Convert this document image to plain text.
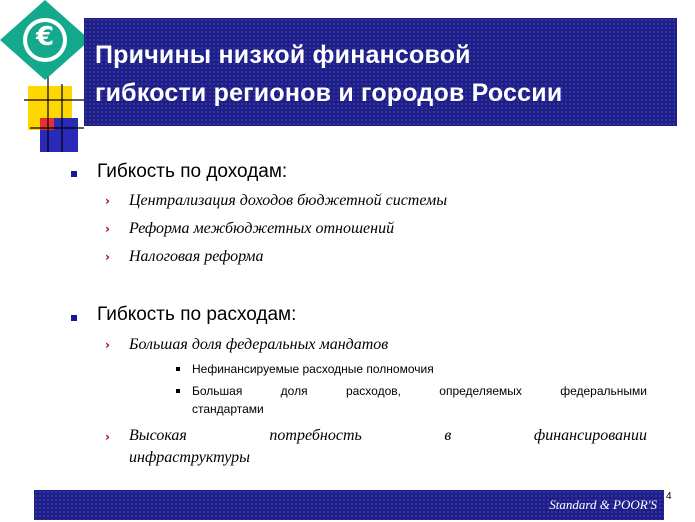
€
Причины низкой финансовой
гибкости регионов и городов России
Гибкость по доходам:
› Централизация доходов бюджетной системы
› Реформа межбюджетных отношений
› Налоговая реформа
Гибкость по расходам:
› Большая доля федеральных мандатов
Нефинансируемые расходные полномочия
Большая доля расходов, определяемых федеральными
стандартами
› Высокая потребность в финансировании
инфраструктуры
Standard & POOR'S
4
